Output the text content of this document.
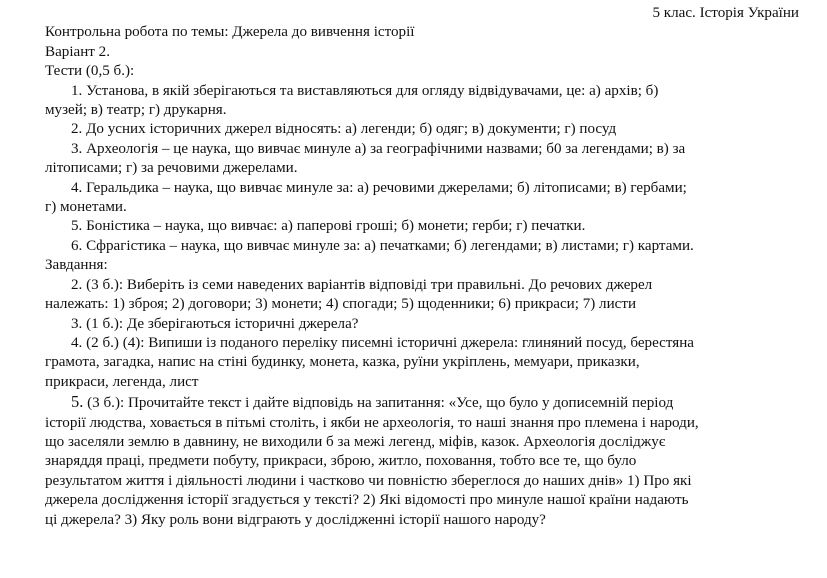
5 клас. Історія України
Контрольна робота по темы: Джерела до вивчення історії
Варіант 2.
Тести (0,5 б.):
1. Установа, в якій зберігаються та виставляються для огляду відвідувачами, це: а) архів; б)
музей; в) театр; г) друкарня.
2. До усних історичних джерел відносять: а) легенди; б) одяг; в) документи; г) посуд
3. Археологія – це наука, що вивчає минуле а) за географічними назвами; б0 за легендами; в) за
літописами; г) за речовими джерелами.
4. Геральдика – наука, що вивчає минуле за: а) речовими джерелами; б) літописами; в) гербами;
г) монетами.
5. Боністика – наука, що вивчає: а) паперові гроші; б) монети; герби; г) печатки.
6. Сфрагістика – наука, що вивчає минуле за: а) печатками; б) легендами; в) листами; г) картами.
Завдання:
2. (3 б.): Виберіть із семи наведених варіантів відповіді три правильні. До речових джерел
належать: 1) зброя; 2) договори; 3) монети; 4) спогади; 5) щоденники; 6) прикраси; 7) листи
3. (1 б.): Де зберігаються історичні джерела?
4. (2 б.) (4): Випиши із поданого переліку писемні історичні джерела: глиняний посуд, берестяна
грамота, загадка, напис на стіні будинку, монета, казка, руїни укріплень, мемуари, приказки,
прикраси, легенда, лист
5. (3 б.): Прочитайте текст і дайте відповідь на запитання: «Усе, що було у дописемній період
історії людства, ховається в пітьмі століть, і якби не археологія, то наші знання про племена і народи,
що заселяли землю в давнину, не виходили б за межі легенд, міфів, казок. Археологія досліджує
знаряддя праці, предмети побуту, прикраси, зброю, житло, поховання, тобто все те, що було
результатом життя і діяльності людини і частково чи повністю збереглося до наших днів» 1) Про які
джерела дослідження історії згадується у тексті? 2) Які відомості про минуле нашої країни надають
ці джерела? 3) Яку роль вони відграють у дослідженні історії нашого народу?
